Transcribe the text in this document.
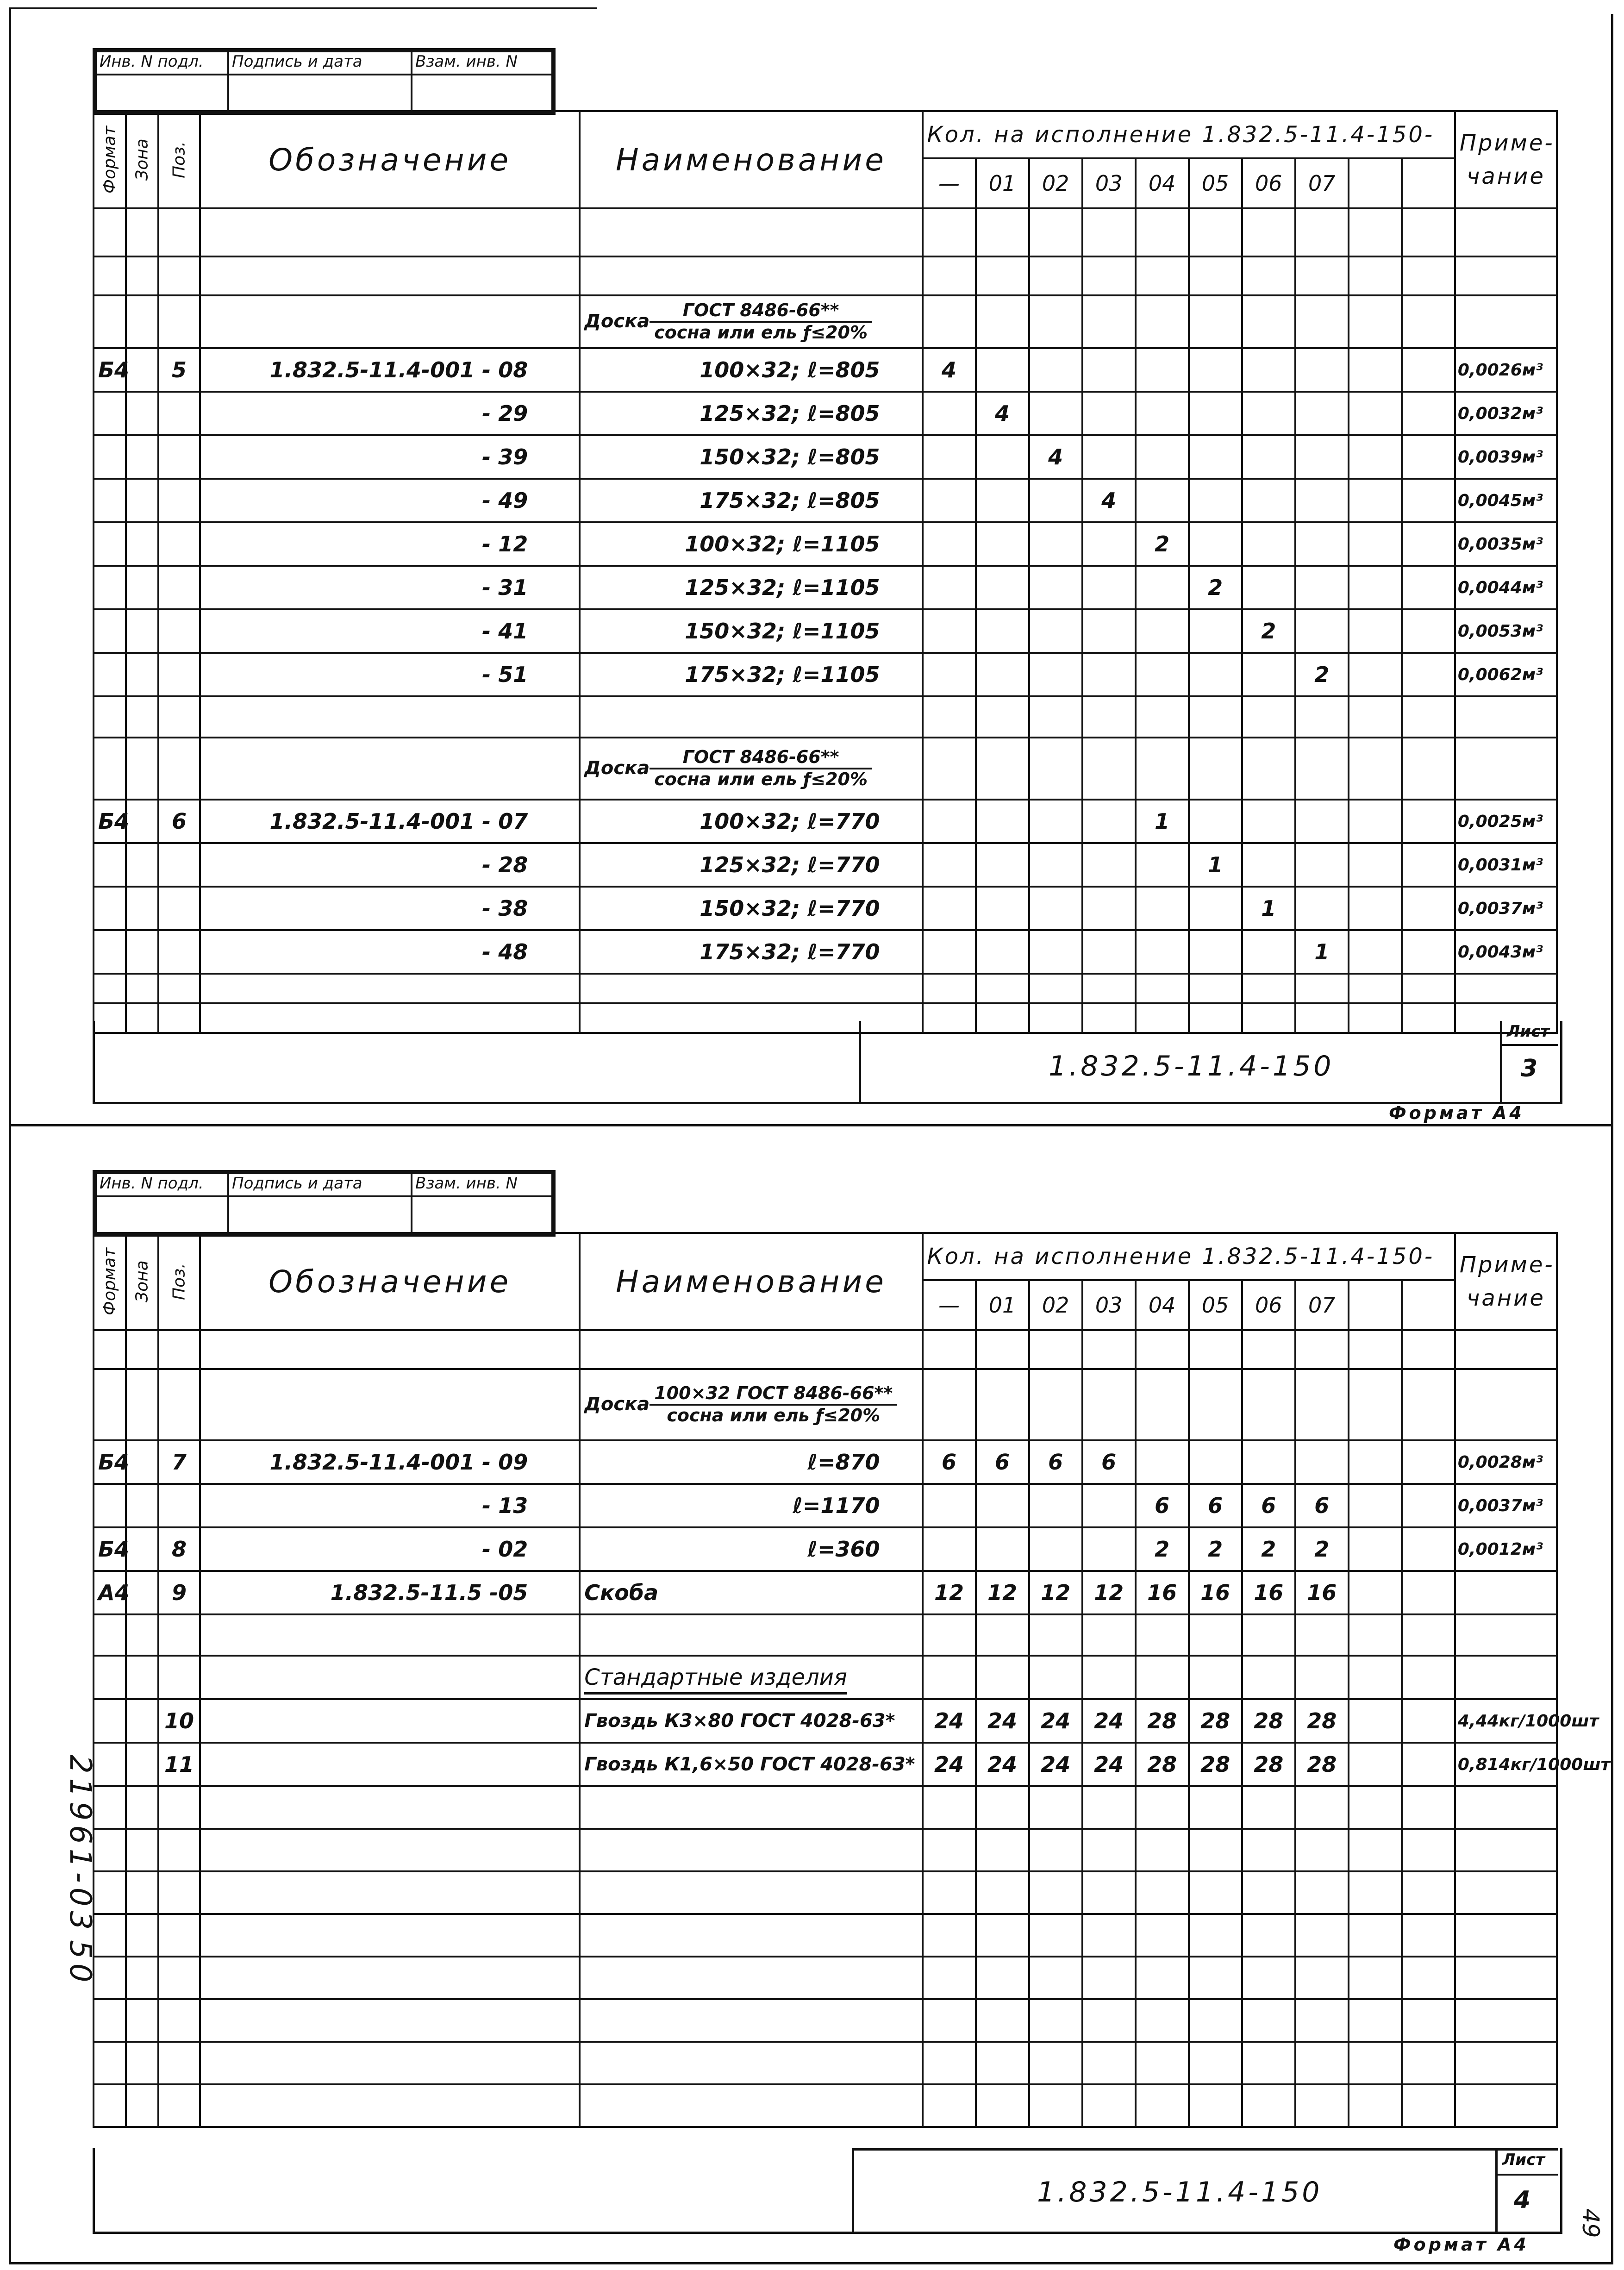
Инв. N подл.	Подпись и дата	Взам. инв. N

Формат	Зона	Поз.	Обозначение	Наименование	Кол. на исполнение 1.832.5-11.4-150-										Приме-
чание
					—	01	02	03	04	05	06	07			

				Доска $\frac{\text{ГОСТ 8486-66**}}{\text{сосна или ель ƒ≤20\%}}$

Б4		5	1.832.5-11.4-001 - 08	100×32; ℓ=805	4										0,0026м³
			- 29	125×32; ℓ=805		4									0,0032м³
			- 39	150×32; ℓ=805			4								0,0039м³
			- 49	175×32; ℓ=805				4							0,0045м³
			- 12	100×32; ℓ=1105					2						0,0035м³
			- 31	125×32; ℓ=1105						2					0,0044м³
			- 41	150×32; ℓ=1105							2				0,0053м³
			- 51	175×32; ℓ=1105								2			0,0062м³

				Доска $\frac{\text{ГОСТ 8486-66**}}{\text{сосна или ель ƒ≤20\%}}$

Б4		6	1.832.5-11.4-001 - 07	100×32; ℓ=770					1						0,0025м³
			- 28	125×32; ℓ=770						1					0,0031м³
			- 38	150×32; ℓ=770							1				0,0037м³
			- 48	175×32; ℓ=770								1			0,0043м³

1.832.5-11.4-150
Лист
3
Формат А4
Инв. N подл.	Подпись и дата	Взам. инв. N

Формат	Зона	Поз.	Обозначение	Наименование	Кол. на исполнение 1.832.5-11.4-150-										Приме-
чание
					—	01	02	03	04	05	06	07			

				Доска $\frac{\text{100×32 ГОСТ 8486-66**}}{\text{сосна или ель ƒ≤20\%}}$

Б4		7	1.832.5-11.4-001 - 09	ℓ=870	6	6	6	6							0,0028м³
			- 13	ℓ=1170					6	6	6	6			0,0037м³
Б4		8	- 02	ℓ=360					2	2	2	2			0,0012м³
А4		9	1.832.5-11.5 -05	Скоба	12	12	12	12	16	16	16	16			

				Стандартные изделия											
		10		Гвоздь К3×80 ГОСТ 4028-63*	24	24	24	24	28	28	28	28			4,44кг/1000шт
		11		Гвоздь К1,6×50 ГОСТ 4028-63*	24	24	24	24	28	28	28	28			0,814кг/1000шт

1.832.5-11.4-150
Лист
4
Формат А4
21961-03
50
49
